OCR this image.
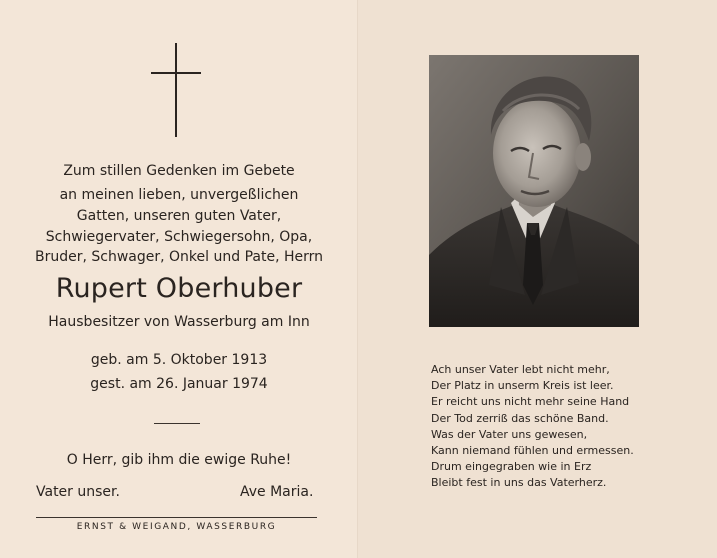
Zum stillen Gedenken im Gebete
an meinen lieben, unvergeßlichen
Gatten, unseren guten Vater,
Schwiegervater, Schwiegersohn, Opa,
Bruder, Schwager, Onkel und Pate, Herrn
Rupert Oberhuber
Hausbesitzer von Wasserburg am Inn
geb. am 5. Oktober 1913
gest. am 26. Januar 1974
O Herr, gib ihm die ewige Ruhe!
Vater unser.	Ave Maria.
ERNST & WEIGAND, WASSERBURG
Ach unser Vater lebt nicht mehr,
Der Platz in unserm Kreis ist leer.
Er reicht uns nicht mehr seine Hand
Der Tod zerriß das schöne Band.
Was der Vater uns gewesen,
Kann niemand fühlen und ermessen.
Drum eingegraben wie in Erz
Bleibt fest in uns das Vaterherz.
